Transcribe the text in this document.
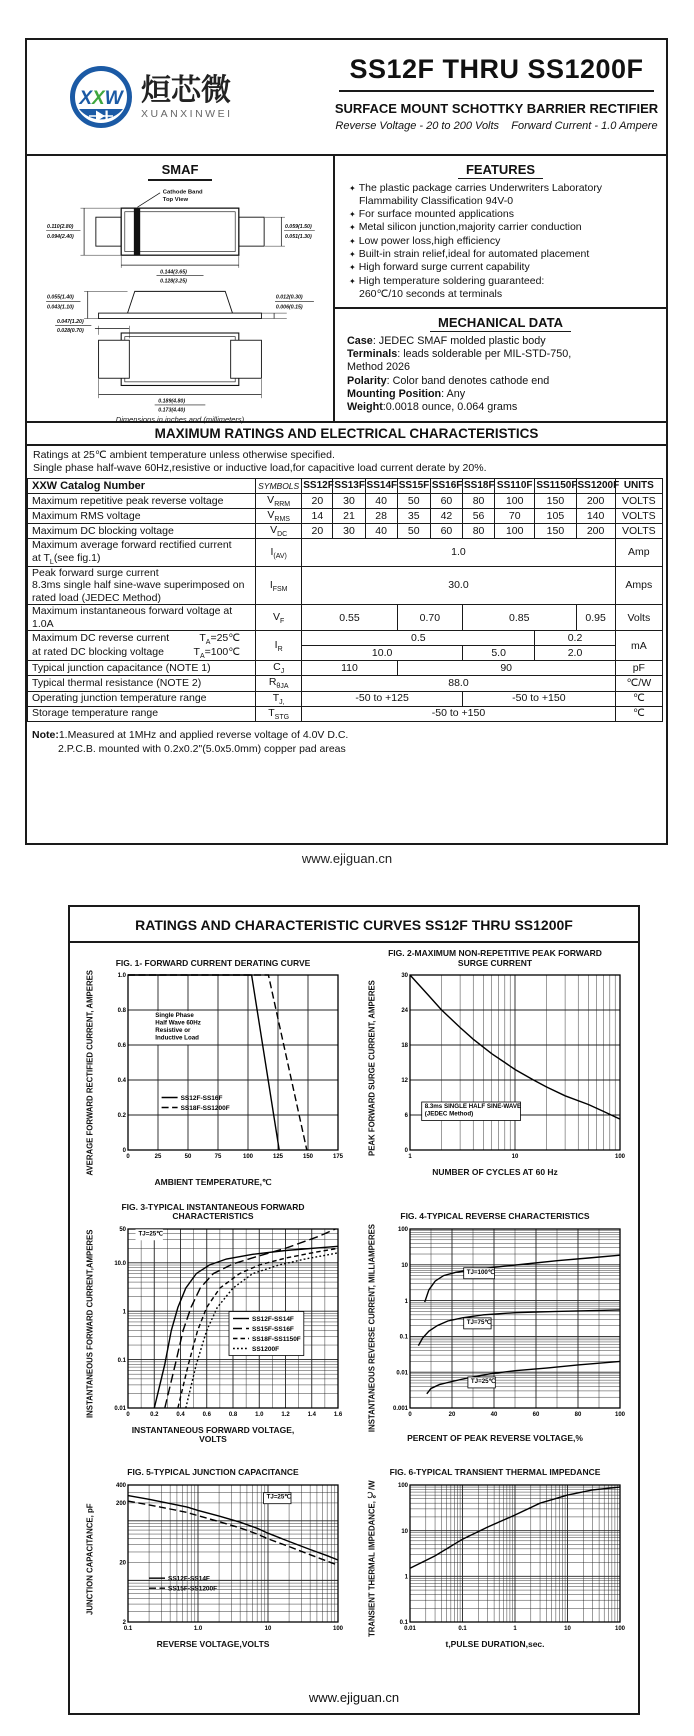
XXW 烜芯微
XUANXINWEI
SS12F THRU SS1200F
SURFACE MOUNT SCHOTTKY BARRIER RECTIFIER
Reverse Voltage - 20 to 200 Volts    Forward Current - 1.0 Ampere
SMAF
Cathode Band
Top View
0.110(2.80)
0.094(2.40)
0.059(1.50)
0.051(1.30)
0.144(3.65)
0.128(3.25)
0.055(1.40)
0.043(1.10)
0.012(0.30)
0.006(0.15)
0.047(1.20)
0.028(0.70)
0.189(4.80)
0.173(4.40)
Dimensions in inches and (millimeters)
FEATURES
✦ The plastic package carries Underwriters Laboratory
Flammability Classification 94V-0
✦ For surface mounted applications
✦ Metal silicon junction,majority carrier conduction
✦ Low power loss,high efficiency
✦ Built-in strain relief,ideal for automated placement
✦ High forward surge current capability
✦ High temperature soldering guaranteed:
260℃/10 seconds at terminals
MECHANICAL DATA

Case: JEDEC SMAF molded plastic body

Terminals: leads solderable per MIL-STD-750,
Method 2026

Polarity: Color band denotes cathode end

Mounting Position: Any

Weight:0.0018 ounce, 0.064 grams

MAXIMUM RATINGS AND ELECTRICAL CHARACTERISTICS
Ratings at 25℃ ambient temperature unless otherwise specified.
Single phase half-wave 60Hz,resistive or inductive load,for capacitive load current derate by 20%.
XXW Catalog Number	SYMBOLS	SS12F	SS13F	SS14F	SS15F	SS16F	SS18F	SS110F	SS1150F	SS1200F	UNITS
Maximum repetitive peak reverse voltage	$V_{RRM}$	20	30	40	50	60	80	100	150	200	VOLTS
Maximum RMS voltage	$V_{RMS}$	14	21	28	35	42	56	70	105	140	VOLTS
Maximum DC blocking voltage	$V_{DC}$	20	30	40	50	60	80	100	150	200	VOLTS

Maximum average forward rectified current
at $T_L(see$ fig.1)	$I_{(AV)}$	1.0									Amp

Peak forward surge current
8.3ms single half sine-wave superimposed on
rated load (JEDEC Method)	$I_{FSM}$	30.0									Amps
Maximum instantaneous forward voltage at 1.0A	$V_F$	0.55			0.70		0.85			0.95	Volts

Maximum DC reverse current $T_A=25℃$
at rated DC blocking voltage $T_A=100℃$	$I_R$	0.5							0.2		mA
		10.0					5.0		2.0		
Typical junction capacitance (NOTE 1)	$C_J$	110			90						pF
Typical thermal resistance (NOTE 2)	$R_{\theta JA}$	88.0									℃/W
Operating junction temperature range	$T_{J,}$	-50 to +125					-50 to +150				℃
Storage temperature range	$T_{STG}$	-50 to +150									℃
Note:1.Measured at 1MHz and applied reverse voltage of 4.0V D.C.
2.P.C.B. mounted with 0.2x0.2"(5.0x5.0mm) copper pad areas
www.ejiguan.cn
RATINGS AND CHARACTERISTIC CURVES SS12F THRU SS1200F
FIG. 1- FORWARD CURRENT DERATING CURVE
AVERAGE FORWARD RECTIFIED CURRENT, AMPERES	0	25	50	75	100	125	150	175
0
0.2
0.4
0.6
0.8
1.0
SS12F-SS16F
SS18F-SS1200F
Single Phase
Half Wave 60Hz
Resistive or
Inductive Load
AMBIENT TEMPERATURE,℃
FIG. 2-MAXIMUM NON-REPETITIVE PEAK FORWARD SURGE CURRENT
PEAK FORWARD SURGE CURRENT, AMPERES
1	10	100
0
6
12
18
24
30
8.3ms SINGLE HALF SINE-WAVE
(JEDEC Method)
NUMBER OF CYCLES AT 60 Hz
FIG. 3-TYPICAL INSTANTANEOUS FORWARD CHARACTERISTICS
INSTANTANEOUS FORWARD CURRENT,AMPERES	0	0.2	0.4	0.6	0.8	1.0	1.2	1.4	1.6
0.01
0.1
1
10.0
50
SS12F-SS14F
SS15F-SS16F
SS18F-SS1150F
SS1200F
TJ=25℃
INSTANTANEOUS FORWARD VOLTAGE, VOLTS
FIG. 4-TYPICAL REVERSE CHARACTERISTICS
INSTANTANEOUS REVERSE CURRENT, MILLIAMPERES	0	20	40	60	80	100
0.001
0.01
0.1
1
10
100
TJ=100℃
TJ=75℃
TJ=25℃
PERCENT OF PEAK REVERSE VOLTAGE,%
FIG. 5-TYPICAL JUNCTION CAPACITANCE
JUNCTION CAPACITANCE, pF
0.1	1.0	10	100
2
20
200
400
SS12F-SS14F
SS15F-SS1200F
TJ=25℃
REVERSE VOLTAGE,VOLTS
FIG. 6-TYPICAL TRANSIENT THERMAL IMPEDANCE
TRANSIENT THERMAL IMPEDANCE, ℃/W	0.01	0.1	1	10	100
0.1
1
10
100
t,PULSE DURATION,sec.
www.ejiguan.cn
